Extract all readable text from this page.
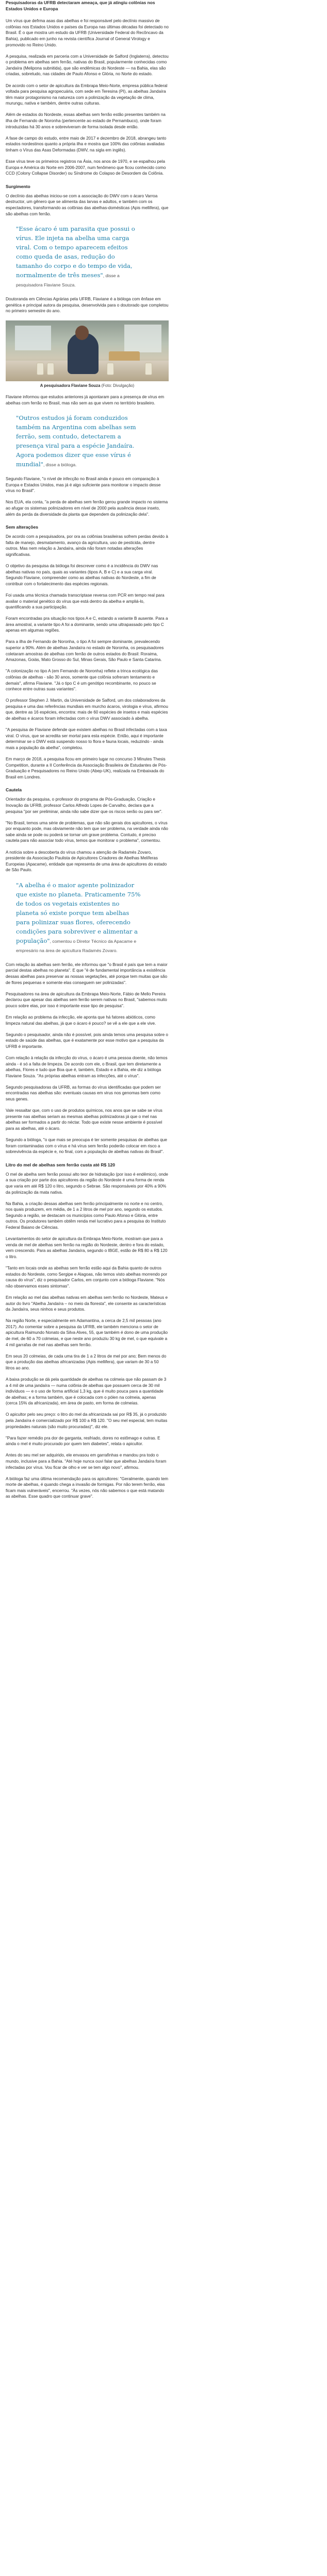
Pesquisadoras da UFRB detectaram ameaça, que já atingiu colônias nos Estados Unidos e Europa

Um vírus que defrma asas das abelhas e foi responsável pelo declínio massivo de colônias nos Estados Unidos e países da Europa nas últimas décadas foi detectado no Brasil. É o que mostra um estudo da UFRB (Universidade Federal do Recôncavo da Bahia), publicado em junho na revista científica Journal of General Virology e promovido no Reino Unido.

A pesquisa, realizada em parceria com a Universidade de Salford (Inglaterra), detectou o problema em abelhas sem ferrão, nativas do Brasil, popularmente conhecidas como Jandaíra (Melipona subnitida), que são endêmicas do Nordeste — na Bahia, elas são criadas, sobretudo, nas cidades de Paulo Afonso e Glória, no Norte do estado.

De acordo com o setor de apicultura da Embrapa Meio-Norte, empresa pública federal voltada para pesquisa agropecuária, com sede em Teresina (PI), as abelhas Jandaíra têm maior protagonismo na natureza com a polinização da vegetação de clima, murungu, nativa e também, dentre outras culturas.

Além de estados do Nordeste, essas abelhas sem ferrão estão presentes também na ilha de Fernando de Noronha (pertencente ao estado de Pernambuco), onde foram introduzidas há 30 anos e sobreviveram de forma isolada desde então.

A fase de campo do estudo, entre maio de 2017 e dezembro de 2018, abrangeu tanto estados nordestinos quanto a própria ilha e mostra que 100% das colônias avaliadas tinham o Vírus das Asas Deformadas (DWV, na sigla em inglês).

Esse vírus teve os primeiros registros na Ásia, nos anos de 1970, e se espalhou pela Europa e América do Norte em 2006-2007, num fenômeno que ficou conhecido como CCD (Colony Collapse Disorder) ou Síndrome do Colapso de Desordem da Colônia.

Surgimento

O declínio das abelhas iniciou-se com a associação do DWV com o ácaro Varroa destructor, um gênero que se alimenta das larvas e adultos, e também com os espectadores, transformando as colônias das abelhas-domésticas (Apis mellifera), que são abelhas com ferrão.

"Esse ácaro é um parasita que possui o vírus. Ele injeta na abelha uma carga viral. Com o tempo aparecem efeitos como queda de asas, redução do tamanho do corpo e do tempo de vida, normalmente de três meses", disse a pesquisadora Flaviane Souza.

Doutoranda em Ciências Agrárias pela UFRB, Flaviane é a bióloga com ênfase em genética e principal autora da pesquisa, desenvolvida para o doutorado que completou no primeiro semestre do ano.

A pesquisadora Flaviane Souza (Foto: Divulgação)

Flaviane informou que estudos anteriores já apontaram para a presença de vírus em abelhas com ferrão no Brasil, mas não sem as que vivem no território brasileiro.

"Outros estudos já foram conduzidos também na Argentina com abelhas sem ferrão, sem contudo, detectarem a presença viral para a espécie Jandaíra. Agora podemos dizer que esse vírus é mundial", disse a bióloga.

Segundo Flaviane, "o nível de infecção no Brasil ainda é pouco em comparação à Europa e Estados Unidos, mas já é algo suficiente para monitorar o impacto desse vírus no Brasil".

Nos EUA, ela conta, "a perda de abelhas sem ferrão gerou grande impacto no sistema ao afugar os sistemas polinizadores em nível de 2000 pela ausência desse inseto, além da perda da diversidade da planta que dependem da polinização dela".

Sem alterações

De acordo com a pesquisadora, por ora as colônias brasileiras sofrem perdas devido à falta de manejo, desmatamento, avanço da agricultura, uso de pesticida, dentre outros. Mas nem relação a Jandaíra, ainda não foram notadas alterações significativas.

O objetivo da pesquisa da bióloga foi descrever como é a incidência do DWV nas abelhas nativas no país, quais as variantes (tipos A, B e C) e a sua carga viral. Segundo Flaviane, compreender como as abelhas nativas do Nordeste, a fim de contribuir com o fortalecimento das espécies regionais.

Foi usada uma técnica chamada transcriptase reversa com PCR em tempo real para avaliar o material genético do vírus que está dentro da abelha e ampliá-lo, quantificando a sua participação.

Foram encontradas pra situação nos tipos A e C, estando a variante B ausente. Para a área amostral, a variante tipo A foi a dominante, sendo uma ultrapassado pelo tipo C apenas em algumas regiões.

Para a ilha de Fernando de Noronha, o tipo A foi sempre dominante, prevalecendo superior a 90%. Além de abelhas Jandaíra no estado de Noronha, os pesquisadores coletaram amostras de abelhas com ferrão de outros estados do Brasil: Roraima, Amazonas, Goiás, Mato Grosso do Sul, Minas Gerais, São Paulo e Santa Catarina.

"A colonização no tipo A (em Fernando de Noronha) reflete a trinca ecológica das colônias de abelhas - são 30 anos, somente que colônia sofreram tentamento e demais", afirma Flaviane. "Já o tipo C é um genótipo recombinante, no pouco se conhece entre outras suas variantes".

O professor Stephen J. Martin, da Universidade de Salford, um dos colaboradores da pesquisa e uma das referências mundiais em murcho ácaros, virologia e vírus, afirmou que, dentre as 16 espécies, encontra: mais de 60 espécies de insetos e mais espécies de abelhas e ácaros foram infectadas com o vírus DWV associado à abelha.

"A pesquisa de Flaviane defende que existem abelhas no Brasil infectadas com a taxa viral. O vírus, que se acredita ser mortal para esta espécie. Então, aqui é importante determinar se o DWV está suspendo nosso to flora e fauna locais, reduzindo - ainda mais a população da abelha", completou.

Em março de 2018, a pesquisa ficou em primeiro lugar no concurso 3 Minutes Thesis Competition, durante a II Conferência da Associação Brasileira de Estudantes de Pós-Graduação e Pesquisadores no Reino Unido (Abep-UK), realizada na Embaixada do Brasil em Londres.

Cautela

Orientador da pesquisa, o professor do programa de Pós-Graduação, Criação e Inovação da UFRB, professor Carlos Alfredo Lopes de Carvalho, declara que a pesquisa "por ser preliminar, ainda não sabe dizer que os riscos serão ou para ser".

"No Brasil, temos uma série de problemas, que não são gerais dos apicultores, o vírus por enquanto pode, mas obviamente não tem que ser problema, na verdade ainda não sabe ainda se pode ou poderá se tornar um grave problema. Contudo, é preciso cautela para não associar todo vírus, temos que monitorar o problema", comentou.

A notícia sobre a descoberta do vírus chamou a atenção de Radamés Zovaro, presidente da Associação Paulista de Apicultores Criadores de Abelhas Melíferas Europeias (Apacame), entidade que representa de uma área de apicultores do estado de São Paulo.

"A abelha é o maior agente polinizador que existe no planeta. Praticamente 75% de todos os vegetais existentes no planeta só existe porque tem abelhas para polinizar suas flores, oferecendo condições para sobreviver e alimentar a população", comentou o Diretor Técnico da Apacame e empresário na área de apicultura Radamés Zovaro.

Com relação às abelhas sem ferrão, ele informou que "o Brasil é país que tem a maior parcial destas abelhas no planeta". E que "é de fundamental importância a existência dessas abelhas para preservar as nossas vegetações, até porque tem muitas que são de flores pequenas e somente elas conseguem ser polinizadas".

Pesquisadores na área de apicultura da Embrapa Meio-Norte, Fábio de Mello Pereira declarou que apesar das abelhas sem ferrão serem nativas no Brasil, "sabemos muito pouco sobre elas, por isso é importante esse tipo de pesquisa".

Em relação ao problema da infecção, ele aponta que há fatores abióticos, como limpeza natural das abelhas, já que o ácaro é pouco? se vê a ele que a ele vive.

Segundo o pesquisador, ainda não é possível, pois ainda temos uma pesquisa sobre o estado de saúde das abelhas, que é exatamente por esse motivo que a pesquisa da UFRB é importante.

Com relação à relação da infecção do vírus, o ácaro é uma pessoa doente, não temos ainda - é só a falta de limpeza. De acordo com ele, o Brasil, que tem diretamente a abelhas, Flores e tudo que Boa que é, também, Estado e a Bahia, ele diz a bióloga Flaviane Souza. "As próprias abelhas entram as infecções, até o vírus".

Segundo pesquisadoras da UFRB, as formas do vírus identificadas que podem ser encontradas nas abelhas são: eventuais causas em virus nos genomas bem como seus genes.

Vale ressaltar que, com o uso de produtos químicos, nos anos que se sabe se vírus presente nas abelhas seriam as mesmas abelhas polinizadoras já que o mel nas abelhas ser formados a partir do néctar. Todo que existe nesse ambiente é possível para as abelhas, até o ácaro.

Segundo a bióloga, "o que mais se preocupa é ter somente pesquisas de abelhas que foram contaminadas com o vírus e há vírus sem ferrão poderão colocar em risco a sobrevivência da espécie e, no final, com a população de abelhas nativas do Brasil".

Litro do mel de abelhas sem ferrão custa até R$ 120

O mel de abelha sem ferrão possui alto teor de hidratação (por isso é endêmico), onde a sua criação por parte dos apicultores da região do Nordeste é uma forma de renda que varia em até R$ 120 o litro, segundo o Sebrae. São responsáveis por 40% a 90% da polinização da mata nativa.

Na Bahia, a criação dessas abelhas sem ferrão principalmente no norte e no centro, nos quais produzem, em média, de 1 a 2 litros de mel por ano, segundo os estudos. Segundo a região, se destacam os municípios como Paulo Afonso e Glória, entre outros. Os produtores também obtêm renda mel lucrativo para a pesquisa do Instituto Federal Baiano de Ciências.

Levantamentos do setor de apicultura da Embrapa Meio-Norte, mostram que para a venda de mel de abelhas sem ferrão na região do Nordeste, dentro e fora do estado, vem crescendo. Para as abelhas Jandaíra, segundo o IBGE, estão de R$ 80 a R$ 120 o litro.

"Tanto em locais onde as abelhas sem ferrão estão aqui da Bahia quanto de outros estados do Nordeste, como Sergipe e Alagoas, não temos visto abelhas morrendo por causa do vírus", diz o pesquisador Carlos, em conjunto com a bióloga Flaviane. "Nós não observamos esses sintomas".

Em relação ao mel das abelhas nativas em abelhas sem ferrão no Nordeste, Mateus e autor do livro "Abelha Jandaíra – no meio da floresta", ele consente as características da Jandaíra, seus ninhos e seus produtos.

Na região Norte, e especialmente em Adamantina, a cerca de 2,5 mil pessoas (ano 2017). Ao comentar sobre a pesquisa da UFRB, ele também menciona o setor de apicultura Raimundo Nonato da Silva Alves, 55, que também é dono de uma produção de mel, de 60 a 70 colmeias, e que neste ano produziu 30 kg de mel, o que equivale a 4 mil garrafas de mel nas abelhas sem ferrão.

Em seus 20 colmeias, de cada uma tira de 1 a 2 litros de mel por ano; Bem menos do que a produção das abelhas africanizadas (Apis mellifera), que variam de 30 a 50 litros ao ano.

A baixa produção se dá pela quantidade de abelhas na colmeia que não passam de 3 a 4 mil de uma jandaíra — numa colônia de abelhas que possuem cerca de 30 mil indivíduos — e o uso de forma artificial 1,3 kg, que é muito pouca para a quantidade de abelhas; e a forma também, que é colocada com o pólen na colmeia, apenas (cerca 15% da africanizada), em área de pasto, em forma de colmeias.

O apicultor pelo seu preço: o litro do mel da africanizada sai por R$ 35, já o produzido pela Jandaíra é comercializado por R$ 100 a R$ 120. "O seu mel especial, tem muitas propriedades naturais (são muito procuradas)", diz ele.

"Para fazer remédio pra dor de garganta, resfriado, dores no estômago e outras. E ainda o mel é muito procurado por quem tem diabetes", relata o apicultor.

Antes do seu mel ser adquirido, ele envasou em garrafinhas e mandou pra todo o mundo, inclusive para a Bahia. "Até hoje nunca ouvi falar que abelhas Jandaíra foram infectadas por vírus. Vou ficar de olho e ver se tem algo novo", afirmou.

A bióloga faz uma última recomendação para os apicultores: "Geralmente, quando tem morte de abelhas, é quando chega a invasão de formigas. Por não terem ferrão, elas ficam mais vulneráveis", encerrou. "Às vezes, nós não sabemos o que está matando as abelhas. Esse quadro que continuar grave".
